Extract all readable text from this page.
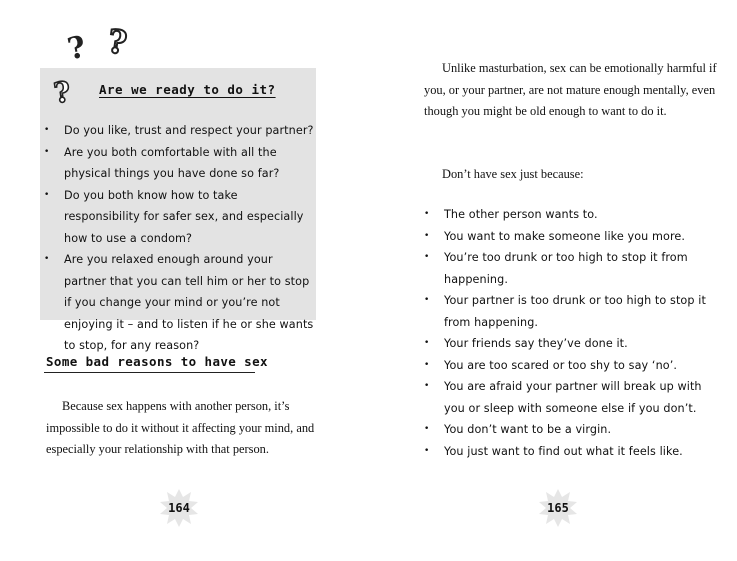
? ?
? Are we ready to do it?
• Do you like, trust and respect your partner?
• Are you both comfortable with all the physical things you have done so far?
• Do you both know how to take responsibility for safer sex, and especially how to use a condom?
• Are you relaxed enough around your partner that you can tell him or her to stop if you change your mind or you’re not enjoying it – and to listen if he or she wants to stop, for any reason?
Some bad reasons to have sex

Because sex happens with another person, it’s impossible to do it without it affecting your mind, and especially your relationship with that person.

164

Unlike masturbation, sex can be emotionally harmful if you, or your partner, are not mature enough mentally, even though you might be old enough to want to do it.

Don’t have sex just because:

• The other person wants to.
• You want to make someone like you more.
• You’re too drunk or too high to stop it from happening.
• Your partner is too drunk or too high to stop it from happening.
• Your friends say they’ve done it.
• You are too scared or too shy to say ‘no’.
• You are afraid your partner will break up with you or sleep with someone else if you don’t.
• You don’t want to be a virgin.
• You just want to find out what it feels like.
165
